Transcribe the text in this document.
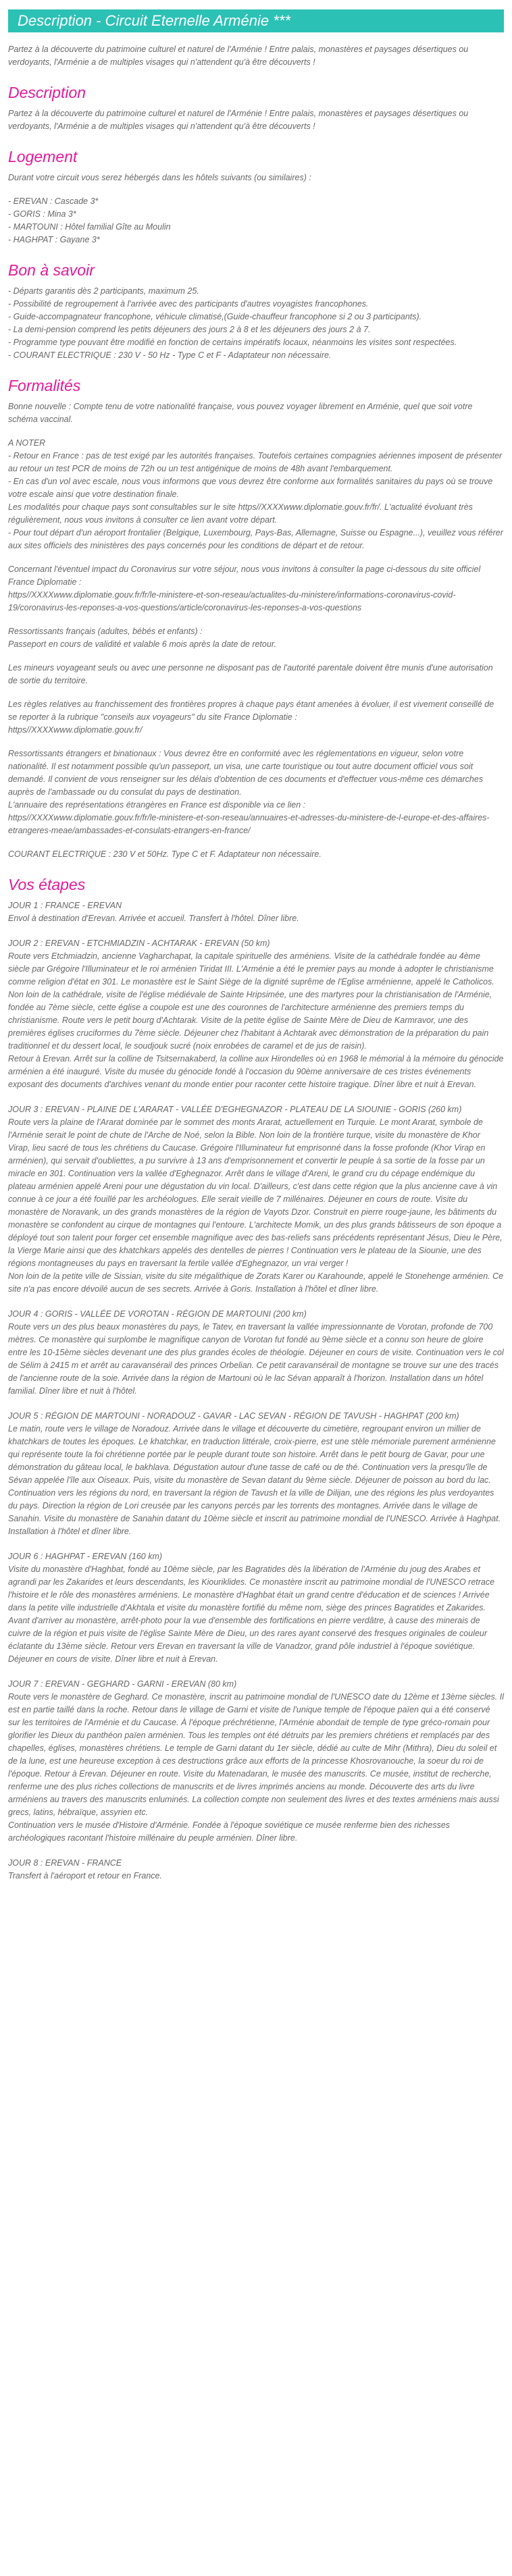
Description - Circuit Eternelle Arménie ***

Partez à la découverte du patrimoine culturel et naturel de l'Arménie ! Entre palais, monastères et paysages désertiques ou verdoyants, l'Arménie a de multiples visages qui n'attendent qu'à être découverts !

Description

Partez à la découverte du patrimoine culturel et naturel de l'Arménie ! Entre palais, monastères et paysages désertiques ou verdoyants, l'Arménie a de multiples visages qui n'attendent qu'à être découverts !

Logement

Durant votre circuit vous serez hébergés dans les hôtels suivants (ou similaires) :

- EREVAN : Cascade 3*
- GORIS : Mina 3*
- MARTOUNI : Hôtel familial Gîte au Moulin
- HAGHPAT : Gayane 3*

Bon à savoir

- Départs garantis dès 2 participants, maximum 25.
- Possibilité de regroupement à l'arrivée avec des participants d'autres voyagistes francophones.
- Guide-accompagnateur francophone, véhicule climatisé,(Guide-chauffeur francophone si 2 ou 3 participants).
- La demi-pension comprend les petits déjeuners des jours 2 à 8 et les déjeuners des jours 2 à 7.
- Programme type pouvant être modifié en fonction de certains impératifs locaux, néanmoins les visites sont respectées.
- COURANT ELECTRIQUE : 230 V - 50 Hz - Type C et F - Adaptateur non nécessaire.

Formalités

Bonne nouvelle : Compte tenu de votre nationalité française, vous pouvez voyager librement en Arménie, quel que soit votre schéma vaccinal.

A NOTER
- Retour en France : pas de test exigé par les autorités françaises. Toutefois certaines compagnies aériennes imposent de présenter au retour un test PCR de moins de 72h ou un test antigénique de moins de 48h avant l'embarquement.
- En cas d'un vol avec escale, nous vous informons que vous devrez être conforme aux formalités sanitaires du pays où se trouve votre escale ainsi que votre destination finale.
Les modalités pour chaque pays sont consultables sur le site https//XXXXwww.diplomatie.gouv.fr/fr/. L'actualité évoluant très régulièrement, nous vous invitons à consulter ce lien avant votre départ.
- Pour tout départ d'un aéroport frontalier (Belgique, Luxembourg, Pays-Bas, Allemagne, Suisse ou Espagne...), veuillez vous référer aux sites officiels des ministères des pays concernés pour les conditions de départ et de retour.

Concernant l'éventuel impact du Coronavirus sur votre séjour, nous vous invitons à consulter la page ci-dessous du site officiel France Diplomatie :
https//XXXXwww.diplomatie.gouv.fr/fr/le-ministere-et-son-reseau/actualites-du-ministere/informations-coronavirus-covid-19/coronavirus-les-reponses-a-vos-questions/article/coronavirus-les-reponses-a-vos-questions

Ressortissants français (adultes, bébés et enfants) :
Passeport en cours de validité et valable 6 mois après la date de retour.

Les mineurs voyageant seuls ou avec une personne ne disposant pas de l'autorité parentale doivent être munis d'une autorisation de sortie du territoire.

Les règles relatives au franchissement des frontières propres à chaque pays étant amenées à évoluer, il est vivement conseillé de se reporter à la rubrique "conseils aux voyageurs" du site France Diplomatie :
https//XXXXwww.diplomatie.gouv.fr/

Ressortissants étrangers et binationaux : Vous devrez être en conformité avec les réglementations en vigueur, selon votre nationalité. Il est notamment possible qu'un passeport, un visa, une carte touristique ou tout autre document officiel vous soit demandé. Il convient de vous renseigner sur les délais d'obtention de ces documents et d'effectuer vous-même ces démarches auprès de l'ambassade ou du consulat du pays de destination.
L'annuaire des représentations étrangères en France est disponible via ce lien :
https//XXXXwww.diplomatie.gouv.fr/fr/le-ministere-et-son-reseau/annuaires-et-adresses-du-ministere-de-l-europe-et-des-affaires-etrangeres-meae/ambassades-et-consulats-etrangers-en-france/

COURANT ELECTRIQUE : 230 V et 50Hz. Type C et F. Adaptateur non nécessaire.

Vos étapes

JOUR 1 : FRANCE - EREVAN

Envol à destination d'Erevan. Arrivée et accueil. Transfert à l'hôtel. Dîner libre.

JOUR 2 : EREVAN - ETCHMIADZIN - ACHTARAK - EREVAN (50 km)

Route vers Etchmiadzin, ancienne Vagharchapat, la capitale spirituelle des arméniens. Visite de la cathédrale fondée au 4ème siècle par Grégoire l'Illuminateur et le roi arménien Tiridat III. L'Arménie a été le premier pays au monde à adopter le christianisme comme religion d'état en 301. Le monastère est le Saint Siège de la dignité suprême de l'Eglise arménienne, appelé le Catholicos. Non loin de la cathédrale, visite de l'église médiévale de Sainte Hripsimée, une des martyres pour la christianisation de l'Arménie, fondée au 7ème siècle, cette église a coupole est une des couronnes de l'architecture arménienne des premiers temps du christianisme. Route vers le petit bourg d'Achtarak. Visite de la petite église de Sainte Mère de Dieu de Karmravor, une des premières églises cruciformes du 7ème siècle. Déjeuner chez l'habitant à Achtarak avec démonstration de la préparation du pain traditionnel et du dessert local, le soudjouk sucré (noix enrobées de caramel et de jus de raisin).
Retour à Erevan. Arrêt sur la colline de Tsitsernakaberd, la colline aux Hirondelles où en 1968 le mémorial à la mémoire du génocide arménien a été inauguré. Visite du musée du génocide fondé à l'occasion du 90ème anniversaire de ces tristes événements exposant des documents d'archives venant du monde entier pour raconter cette histoire tragique. Dîner libre et nuit à Erevan.

JOUR 3 : EREVAN - PLAINE DE L'ARARAT - VALLÉE D'EGHEGNAZOR - PLATEAU DE LA SIOUNIE - GORIS (260 km)

Route vers la plaine de l'Ararat dominée par le sommet des monts Ararat, actuellement en Turquie. Le mont Ararat, symbole de l'Arménie serait le point de chute de l'Arche de Noé, selon la Bible. Non loin de la frontière turque, visite du monastère de Khor Virap, lieu sacré de tous les chrétiens du Caucase. Grégoire l'Illuminateur fut emprisonné dans la fosse profonde (Khor Virap en arménien), qui servait d'oubliettes, a pu survivre à 13 ans d'emprisonnement et convertir le peuple à sa sortie de la fosse par un miracle en 301. Continuation vers la vallée d'Eghegnazor. Arrêt dans le village d'Areni, le grand cru du cépage endémique du plateau arménien appelé Areni pour une dégustation du vin local. D'ailleurs, c'est dans cette région que la plus ancienne cave à vin connue à ce jour a été fouillé par les archéologues. Elle serait vieille de 7 millénaires. Déjeuner en cours de route. Visite du monastère de Noravank, un des grands monastères de la région de Vayots Dzor. Construit en pierre rouge-jaune, les bâtiments du monastère se confondent au cirque de montagnes qui l'entoure. L'architecte Momik, un des plus grands bâtisseurs de son époque a déployé tout son talent pour forger cet ensemble magnifique avec des bas-reliefs sans précédents représentant Jésus, Dieu le Père, la Vierge Marie ainsi que des khatchkars appelés des dentelles de pierres ! Continuation vers le plateau de la Siounie, une des régions montagneuses du pays en traversant la fertile vallée d'Eghegnazor, un vrai verger !
Non loin de la petite ville de Sissian, visite du site mégalithique de Zorats Karer ou Karahounde, appelé le Stonehenge arménien. Ce site n'a pas encore dévoilé aucun de ses secrets. Arrivée à Goris. Installation à l'hôtel et dîner libre.

JOUR 4 : GORIS - VALLÉE DE VOROTAN - RÉGION DE MARTOUNI (200 km)

Route vers un des plus beaux monastères du pays, le Tatev, en traversant la vallée impressionnante de Vorotan, profonde de 700 mètres. Ce monastère qui surplombe le magnifique canyon de Vorotan fut fondé au 9ème siècle et a connu son heure de gloire entre les 10-15ème siècles devenant une des plus grandes écoles de théologie. Déjeuner en cours de visite. Continuation vers le col de Sélim à 2415 m et arrêt au caravansérail des princes Orbelian. Ce petit caravansérail de montagne se trouve sur une des tracés de l'ancienne route de la soie. Arrivée dans la région de Martouni où le lac Sévan apparaît à l'horizon. Installation dans un hôtel familial. Dîner libre et nuit à l'hôtel.

JOUR 5 : RÉGION DE MARTOUNI - NORADOUZ - GAVAR - LAC SEVAN - RÉGION DE TAVUSH - HAGHPAT (200 km)

Le matin, route vers le village de Noradouz. Arrivée dans le village et découverte du cimetière, regroupant environ un millier de khatchkars de toutes les époques. Le khatchkar, en traduction littérale, croix-pierre, est une stèle mémoriale purement arménienne qui représente toute la foi chrétienne portée par le peuple durant toute son histoire. Arrêt dans le petit bourg de Gavar, pour une démonstration du gâteau local, le bakhlava. Dégustation autour d'une tasse de café ou de thé. Continuation vers la presqu'île de Sévan appelée l'île aux Oiseaux. Puis, visite du monastère de Sevan datant du 9ème siècle. Déjeuner de poisson au bord du lac. Continuation vers les régions du nord, en traversant la région de Tavush et la ville de Dilijan, une des régions les plus verdoyantes du pays. Direction la région de Lori creusée par les canyons percés par les torrents des montagnes. Arrivée dans le village de Sanahin. Visite du monastère de Sanahin datant du 10ème siècle et inscrit au patrimoine mondial de l'UNESCO. Arrivée à Haghpat. Installation à l'hôtel et dîner libre.

JOUR 6 : HAGHPAT - EREVAN (160 km)

Visite du monastère d'Haghbat, fondé au 10ème siècle, par les Bagratides dès la libération de l'Arménie du joug des Arabes et agrandi par les Zakarides et leurs descendants, les Kiouriklides. Ce monastère inscrit au patrimoine mondial de l'UNESCO retrace l'histoire et le rôle des monastères arméniens. Le monastère d'Haghbat était un grand centre d'éducation et de sciences ! Arrivée dans la petite ville industrielle d'Akhtala et visite du monastère fortifié du même nom, siège des princes Bagratides et Zakarides. Avant d'arriver au monastère, arrêt-photo pour la vue d'ensemble des fortifications en pierre verdâtre, à cause des minerais de cuivre de la région et puis visite de l'église Sainte Mère de Dieu, un des rares ayant conservé des fresques originales de couleur éclatante du 13ème siècle. Retour vers Erevan en traversant la ville de Vanadzor, grand pôle industriel à l'époque soviétique. Déjeuner en cours de visite. Dîner libre et nuit à Erevan.

JOUR 7 : EREVAN - GEGHARD - GARNI - EREVAN (80 km)

Route vers le monastère de Geghard. Ce monastère, inscrit au patrimoine mondial de l'UNESCO date du 12ème et 13ème siècles. Il est en partie taillé dans la roche. Retour dans le village de Garni et visite de l'unique temple de l'époque païen qui a été conservé sur les territoires de l'Arménie et du Caucase. À l'époque préchrétienne, l'Arménie abondait de temple de type gréco-romain pour glorifier les Dieux du panthéon païen arménien. Tous les temples ont été détruits par les premiers chrétiens et remplacés par des chapelles, églises, monastères chrétiens. Le temple de Garni datant du 1er siècle, dédié au culte de Mihr (Mithra), Dieu du soleil et de la lune, est une heureuse exception à ces destructions grâce aux efforts de la princesse Khosrovanouche, la soeur du roi de l'époque. Retour à Erevan. Déjeuner en route. Visite du Matenadaran, le musée des manuscrits. Ce musée, institut de recherche, renferme une des plus riches collections de manuscrits et de livres imprimés anciens au monde. Découverte des arts du livre arméniens au travers des manuscrits enluminés. La collection compte non seulement des livres et des textes arméniens mais aussi grecs, latins, hébraïque, assyrien etc.
Continuation vers le musée d'Histoire d'Arménie. Fondée à l'époque soviétique ce musée renferme bien des richesses archéologiques racontant l'histoire millénaire du peuple arménien. Dîner libre.

JOUR 8 : EREVAN - FRANCE

Transfert à l'aéroport et retour en France.
